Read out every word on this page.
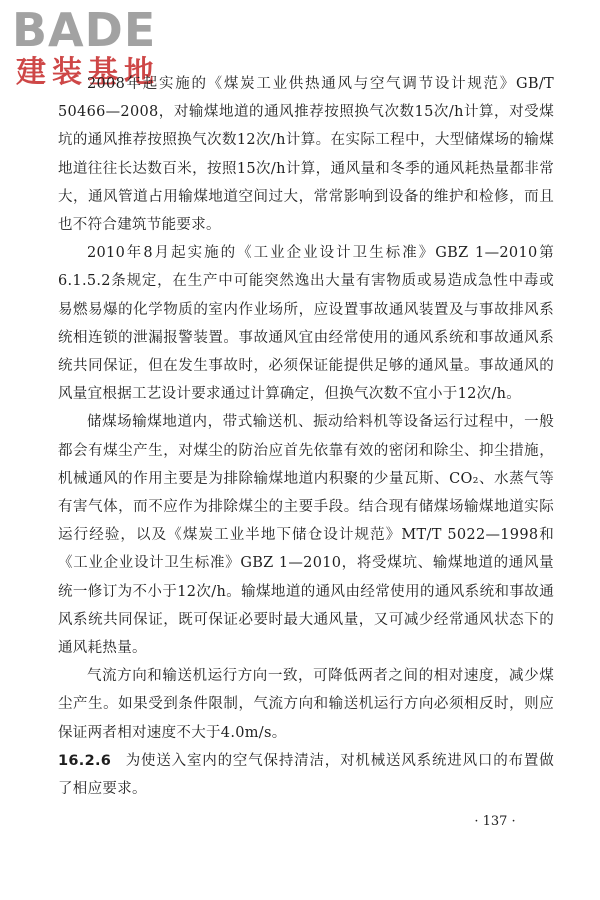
BADE
建装基地

2008年起实施的《煤炭工业供热通风与空气调节设计规范》GB/T 50466—2008，对输煤地道的通风推荐按照换气次数15次/h计算，对受煤坑的通风推荐按照换气次数12次/h计算。在实际工程中，大型储煤场的输煤地道往往长达数百米，按照15次/h计算，通风量和冬季的通风耗热量都非常大，通风管道占用输煤地道空间过大，常常影响到设备的维护和检修，而且也不符合建筑节能要求。

2010年8月起实施的《工业企业设计卫生标准》GBZ 1—2010第6.1.5.2条规定，在生产中可能突然逸出大量有害物质或易造成急性中毒或易燃易爆的化学物质的室内作业场所，应设置事故通风装置及与事故排风系统相连锁的泄漏报警装置。事故通风宜由经常使用的通风系统和事故通风系统共同保证，但在发生事故时，必须保证能提供足够的通风量。事故通风的风量宜根据工艺设计要求通过计算确定，但换气次数不宜小于12次/h。

储煤场输煤地道内，带式输送机、振动给料机等设备运行过程中，一般都会有煤尘产生，对煤尘的防治应首先依靠有效的密闭和除尘、抑尘措施，机械通风的作用主要是为排除输煤地道内积聚的少量瓦斯、CO₂、水蒸气等有害气体，而不应作为排除煤尘的主要手段。结合现有储煤场输煤地道实际运行经验，以及《煤炭工业半地下储仓设计规范》MT/T 5022—1998和《工业企业设计卫生标准》GBZ 1—2010，将受煤坑、输煤地道的通风量统一修订为不小于12次/h。输煤地道的通风由经常使用的通风系统和事故通风系统共同保证，既可保证必要时最大通风量，又可减少经常通风状态下的通风耗热量。

气流方向和输送机运行方向一致，可降低两者之间的相对速度，减少煤尘产生。如果受到条件限制，气流方向和输送机运行方向必须相反时，则应保证两者相对速度不大于4.0m/s。

16.2.6 为使送入室内的空气保持清洁，对机械送风系统进风口的布置做了相应要求。

· 137 ·
